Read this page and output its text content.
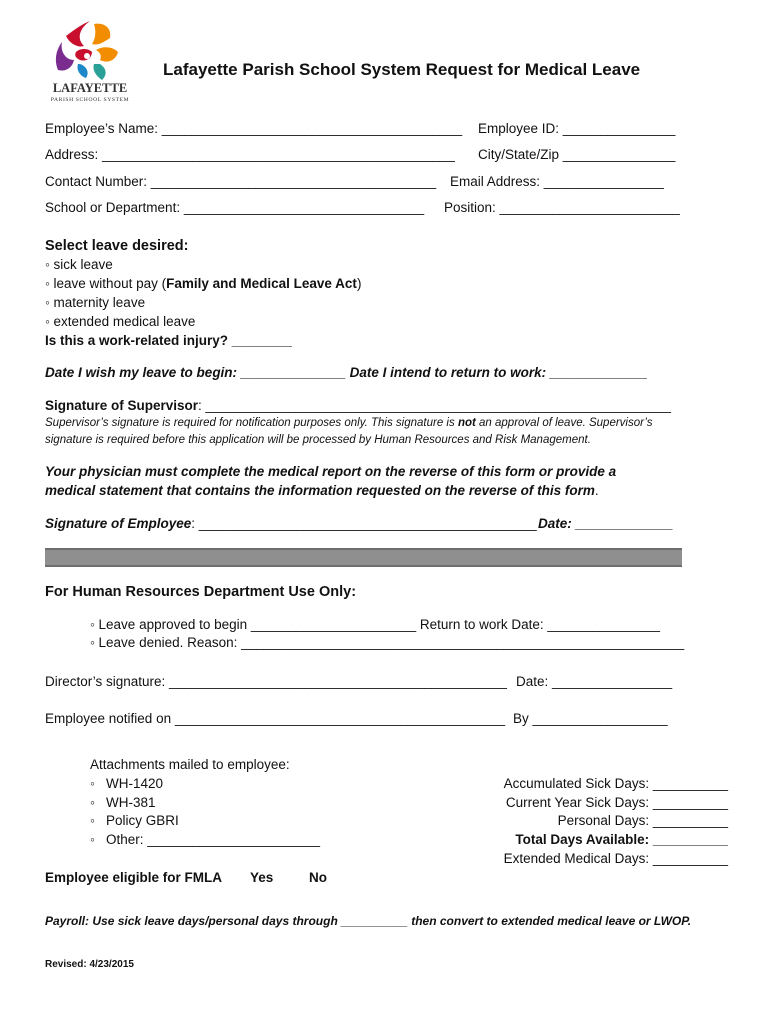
LAFAYETTE
PARISH SCHOOL SYSTEM
Lafayette Parish School System Request for Medical Leave
Employee’s Name: ________________________________________ Employee ID: _______________
Address: _______________________________________________ City/State/Zip _______________
Contact Number: ______________________________________ Email Address: ________________
School or Department: ________________________________ Position: ________________________
Select leave desired:
◦ sick leave
◦ leave without pay (Family and Medical Leave Act)
◦ maternity leave
◦ extended medical leave
Is this a work-related injury? ________
Date I wish my leave to begin: ______________ Date I intend to return to work: _____________
Signature of Supervisor: ______________________________________________________________
Supervisor’s signature is required for notification purposes only. This signature is not an approval of leave. Supervisor’s
signature is required before this application will be processed by Human Resources and Risk Management.
Your physician must complete the medical report on the reverse of this form or provide a
medical statement that contains the information requested on the reverse of this form.
Signature of Employee: _____________________________________________ Date: _____________
For Human Resources Department Use Only:
◦ Leave approved to begin ______________________ Return to work Date: _______________
◦ Leave denied. Reason: ___________________________________________________________
Director’s signature: _____________________________________________ Date: ________________
Employee notified on ____________________________________________ By __________________
Attachments mailed to employee:
◦   WH-1420
◦   WH-381
◦   Policy GBRI
◦   Other: _______________________
Accumulated Sick Days: __________
Current Year Sick Days: __________
Personal Days: __________
Total Days Available: __________
Extended Medical Days: __________
Employee eligible for FMLA Yes	No
Payroll: Use sick leave days/personal days through __________ then convert to extended medical leave or LWOP.
Revised: 4/23/2015
